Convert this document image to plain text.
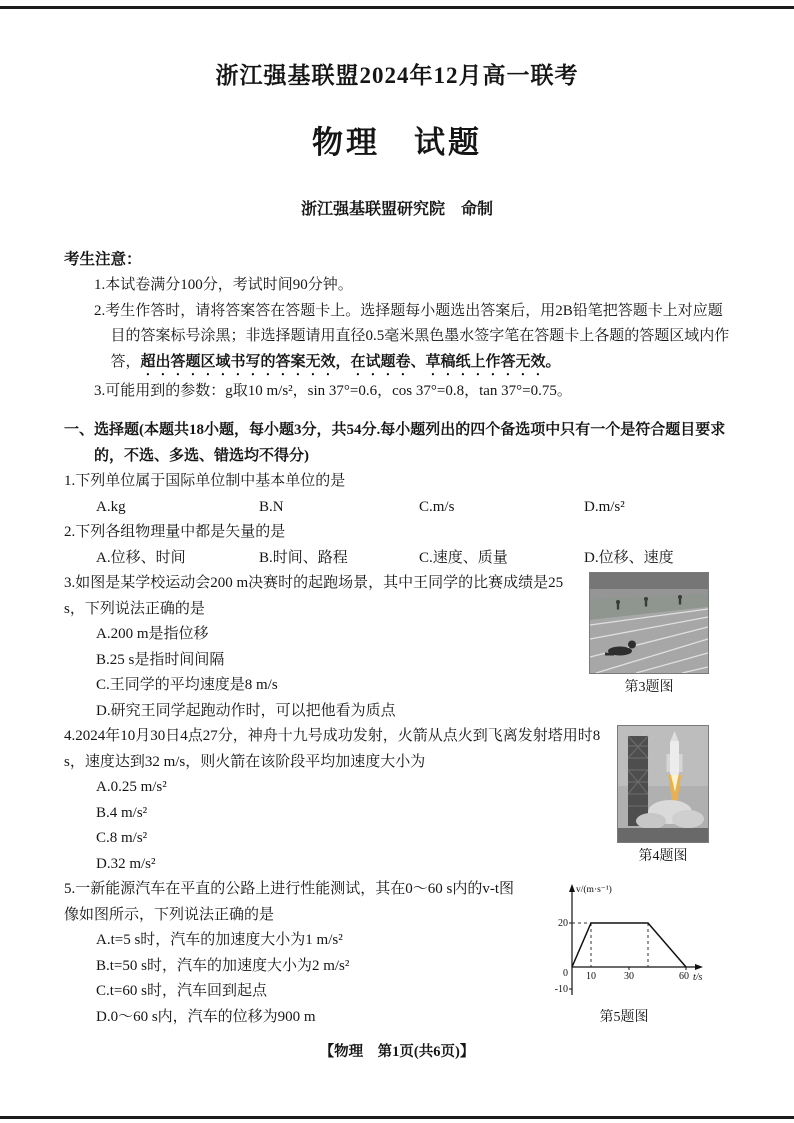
浙江强基联盟2024年12月高一联考
物理　试题
浙江强基联盟研究院　命制
考生注意：

1.本试卷满分100分，考试时间90分钟。

2.考生作答时，请将答案答在答题卡上。选择题每小题选出答案后，用2B铅笔把答题卡上对应题目的答案标号涂黑；非选择题请用直径0.5毫米黑色墨水签字笔在答题卡上各题的答题区域内作答，超出答题区域书写的答案无效，在试题卷、草稿纸上作答无效。

3.可能用到的参数：g取10 m/s²，sin 37°=0.6，cos 37°=0.8，tan 37°=0.75。

一、选择题(本题共18小题，每小题3分，共54分.每小题列出的四个备选项中只有一个是符合题目要求的，不选、多选、错选均不得分)

1.下列单位属于国际单位制中基本单位的是

A.kg	B.N	C.m/s	D.m/s²

2.下列各组物理量中都是矢量的是

A.位移、时间	B.时间、路程	C.速度、质量	D.位移、速度
第3题图

3.如图是某学校运动会200 m决赛时的起跑场景，其中王同学的比赛成绩是25 s，下列说法正确的是

A.200 m是指位移

B.25 s是指时间间隔

C.王同学的平均速度是8 m/s

D.研究王同学起跑动作时，可以把他看为质点

第4题图

4.2024年10月30日4点27分，神舟十九号成功发射，火箭从点火到飞离发射塔用时8 s，速度达到32 m/s，则火箭在该阶段平均加速度大小为

A.0.25 m/s²

B.4 m/s²

C.8 m/s²

D.32 m/s²

v/(m·s⁻¹)
20
0
-10
10	30	60 t/s
第5题图

5.一新能源汽车在平直的公路上进行性能测试，其在0～60 s内的v-t图像如图所示，下列说法正确的是

A.t=5 s时，汽车的加速度大小为1 m/s²

B.t=50 s时，汽车的加速度大小为2 m/s²

C.t=60 s时，汽车回到起点

D.0～60 s内，汽车的位移为900 m

【物理　第1页(共6页)】
